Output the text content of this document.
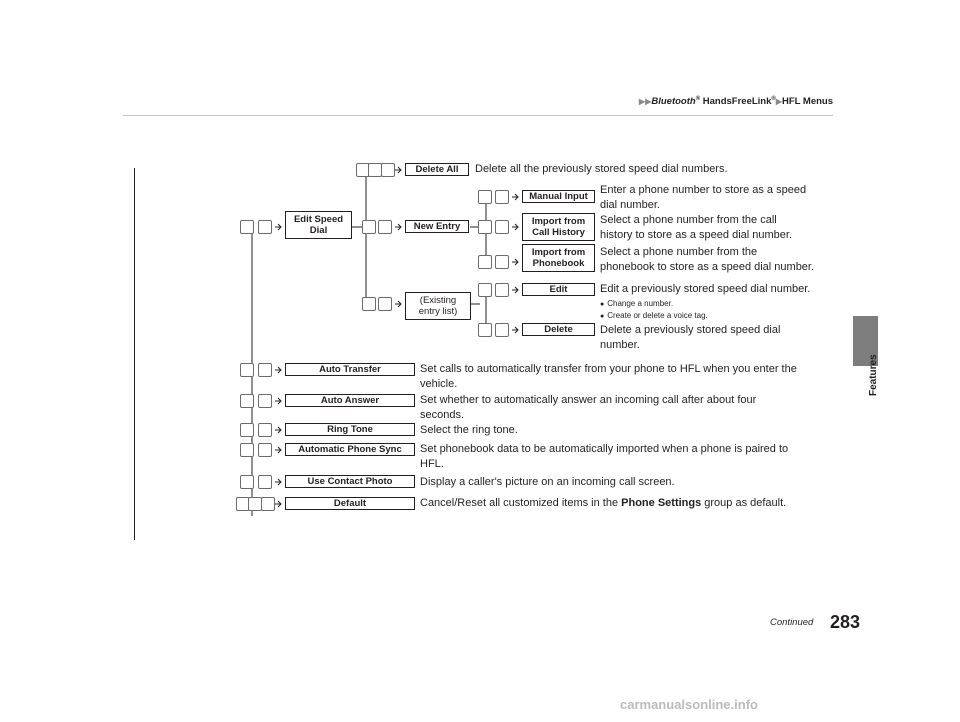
▶▶Bluetooth® HandsFreeLink®▶HFL Menus
Features
Edit Speed
Dial
Delete All	Delete all the previously stored speed dial numbers.
New Entry
Manual Input
Enter a phone number to store as a speed
dial number.
Import from
Call History
Select a phone number from the call
history to store as a speed dial number.
Import from
Phonebook
Select a phone number from the
phonebook to store as a speed dial number.
(Existing
entry list)
Edit	Edit a previously stored speed dial number.
● Change a number.
● Create or delete a voice tag.
Delete	Delete a previously stored speed dial
number.
Auto Transfer	Set calls to automatically transfer from your phone to HFL when you enter the
vehicle.
Auto Answer	Set whether to automatically answer an incoming call after about four
seconds.
Ring Tone	Select the ring tone.
Automatic Phone Sync	Set phonebook data to be automatically imported when a phone is paired to
HFL.
Use Contact Photo	Display a caller's picture on an incoming call screen.
Default	Cancel/Reset all customized items in the Phone Settings group as default.
Continued 283
carmanualsonline.info
